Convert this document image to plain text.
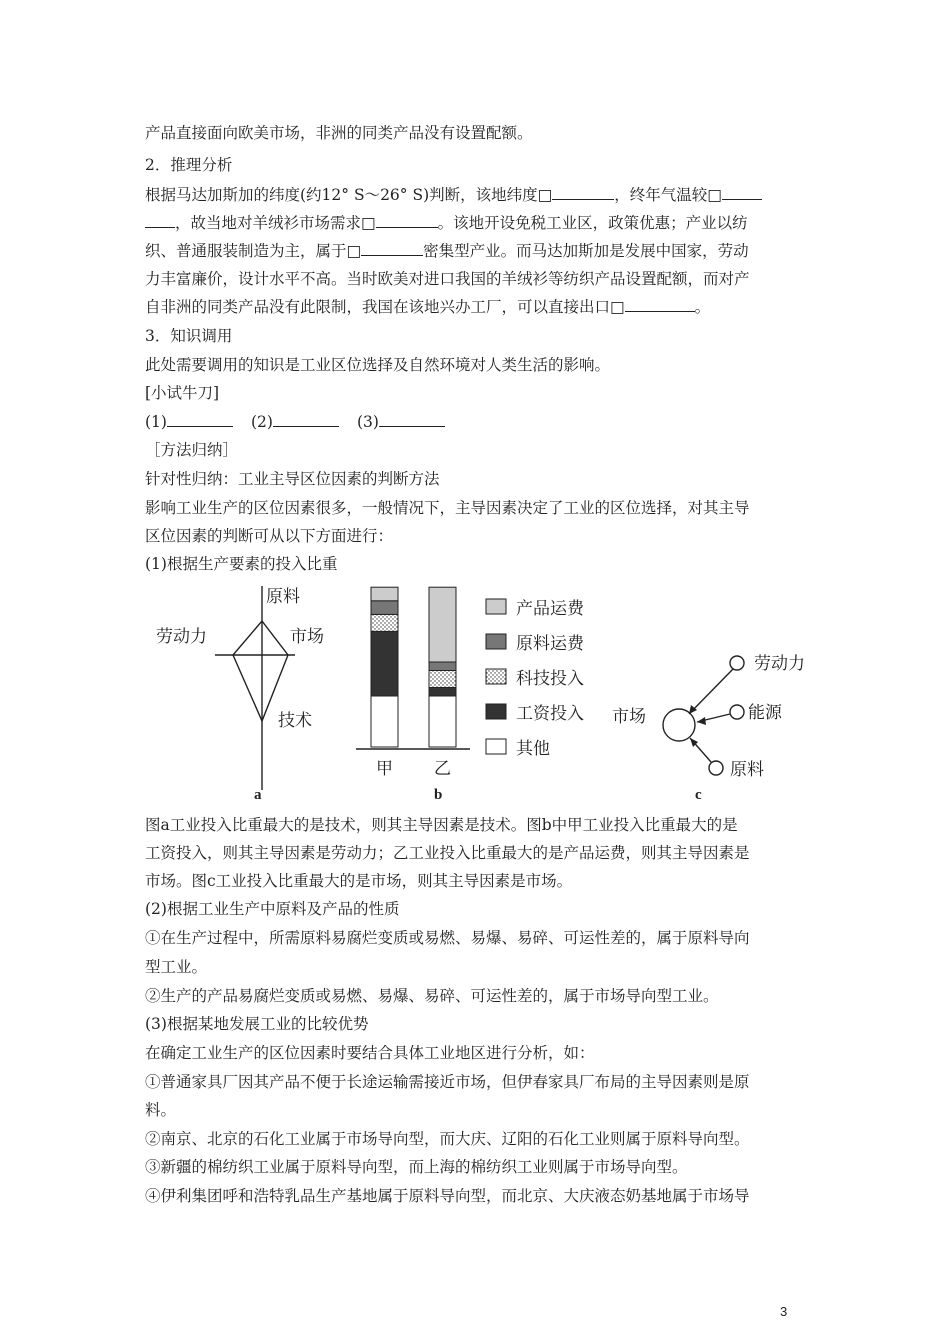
产品直接面向欧美市场，非洲的同类产品没有设置配额。
2．推理分析
根据马达加斯加的纬度(约12° S～26° S)判断，该地纬度□	，终年气温较□
，故当地对羊绒衫市场需求□	。该地开设免税工业区，政策优惠；产业以纺
织、普通服装制造为主，属于□	密集型产业。而马达加斯加是发展中国家，劳动
力丰富廉价，设计水平不高。当时欧美对进口我国的羊绒衫等纺织产品设置配额，而对产
自非洲的同类产品没有此限制，我国在该地兴办工厂，可以直接出口□	。
3．知识调用
此处需要调用的知识是工业区位选择及自然环境对人类生活的影响。
[小试牛刀]
(1)	(2)	(3)
［方法归纳］
针对性归纳：工业主导区位因素的判断方法
影响工业生产的区位因素很多，一般情况下，主导因素决定了工业的区位选择，对其主导
区位因素的判断可从以下方面进行：
(1)根据生产要素的投入比重
原料
劳动力	市场
技术
甲 乙
产品运费
原料运费
科技投入
工资投入
其他
市场
劳动力
能源
原料
a	b	c
图a工业投入比重最大的是技术，则其主导因素是技术。图b中甲工业投入比重最大的是
工资投入，则其主导因素是劳动力；乙工业投入比重最大的是产品运费，则其主导因素是
市场。图c工业投入比重最大的是市场，则其主导因素是市场。
(2)根据工业生产中原料及产品的性质
①在生产过程中，所需原料易腐烂变质或易燃、易爆、易碎、可运性差的，属于原料导向
型工业。
②生产的产品易腐烂变质或易燃、易爆、易碎、可运性差的，属于市场导向型工业。
(3)根据某地发展工业的比较优势
在确定工业生产的区位因素时要结合具体工业地区进行分析，如：
①普通家具厂因其产品不便于长途运输需接近市场，但伊春家具厂布局的主导因素则是原
料。
②南京、北京的石化工业属于市场导向型，而大庆、辽阳的石化工业则属于原料导向型。
③新疆的棉纺织工业属于原料导向型，而上海的棉纺织工业则属于市场导向型。
④伊利集团呼和浩特乳品生产基地属于原料导向型，而北京、大庆液态奶基地属于市场导
3
